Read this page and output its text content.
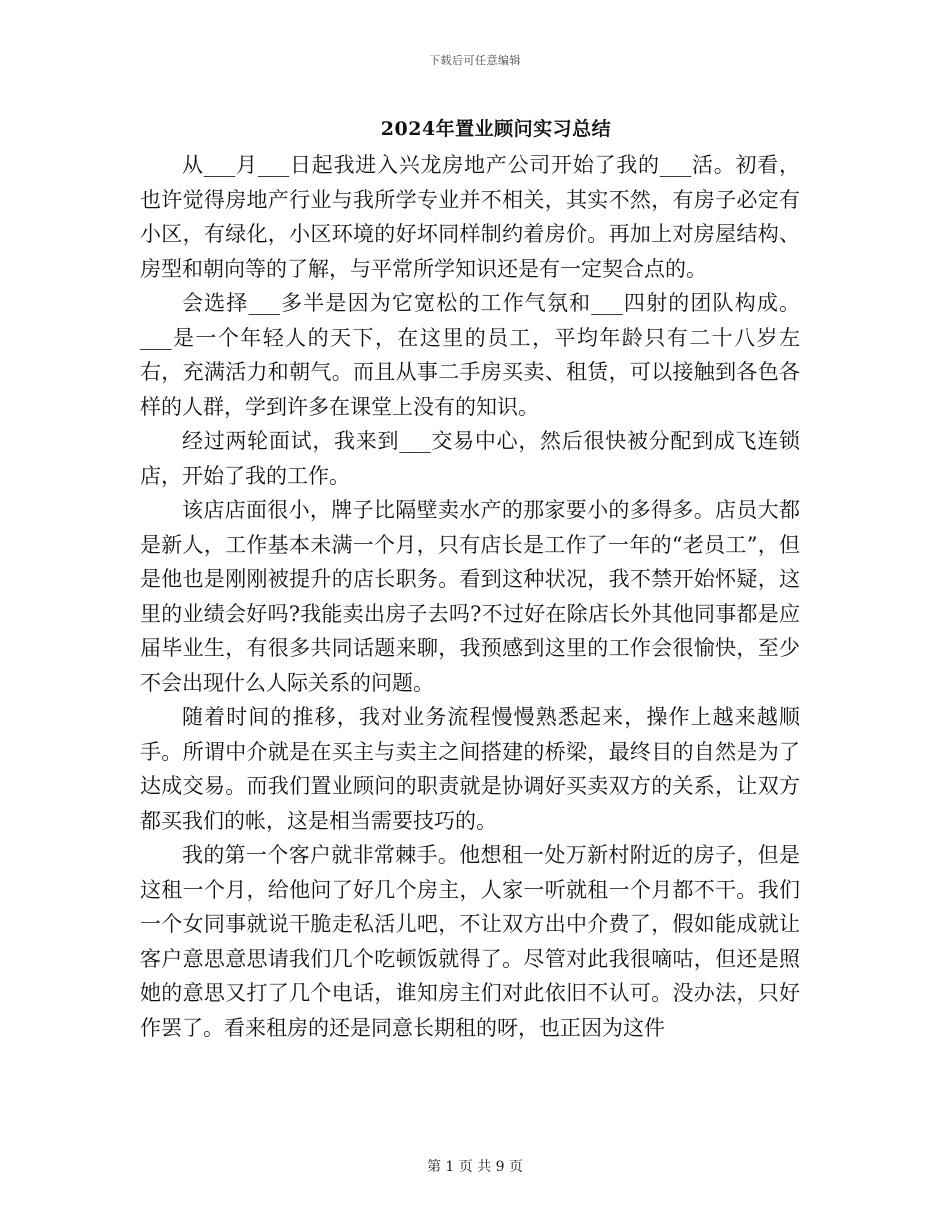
下载后可任意编辑
2024年置业顾问实习总结

从___月___日起我进入兴龙房地产公司开始了我的___活。初看，也许觉得房地产行业与我所学专业并不相关，其实不然，有房子必定有小区，有绿化，小区环境的好坏同样制约着房价。再加上对房屋结构、房型和朝向等的了解，与平常所学知识还是有一定契合点的。

会选择___多半是因为它宽松的工作气氛和___四射的团队构成。___是一个年轻人的天下，在这里的员工，平均年龄只有二十八岁左右，充满活力和朝气。而且从事二手房买卖、租赁，可以接触到各色各样的人群，学到许多在课堂上没有的知识。

经过两轮面试，我来到___交易中心，然后很快被分配到成飞连锁店，开始了我的工作。

该店店面很小，牌子比隔壁卖水产的那家要小的多得多。店员大都是新人，工作基本未满一个月，只有店长是工作了一年的“老员工”，但是他也是刚刚被提升的店长职务。看到这种状况，我不禁开始怀疑，这里的业绩会好吗?我能卖出房子去吗?不过好在除店长外其他同事都是应届毕业生，有很多共同话题来聊，我预感到这里的工作会很愉快，至少不会出现什么人际关系的问题。

随着时间的推移，我对业务流程慢慢熟悉起来，操作上越来越顺手。所谓中介就是在买主与卖主之间搭建的桥梁，最终目的自然是为了达成交易。而我们置业顾问的职责就是协调好买卖双方的关系，让双方都买我们的帐，这是相当需要技巧的。

我的第一个客户就非常棘手。他想租一处万新村附近的房子，但是这租一个月，给他问了好几个房主，人家一听就租一个月都不干。我们一个女同事就说干脆走私活儿吧，不让双方出中介费了，假如能成就让客户意思意思请我们几个吃顿饭就得了。尽管对此我很嘀咕，但还是照她的意思又打了几个电话，谁知房主们对此依旧不认可。没办法，只好作罢了。看来租房的还是同意长期租的呀，也正因为这件

第 1 页 共 9 页
